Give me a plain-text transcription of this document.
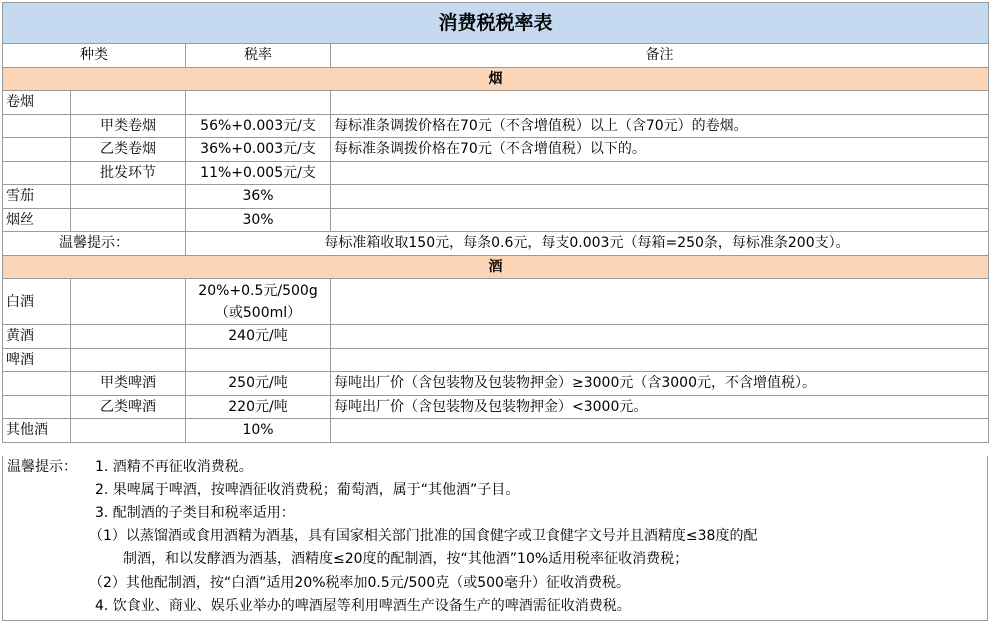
消费税税率表			
种类		税率	备注
烟			
卷烟			
	甲类卷烟	56%+0.003元/支	每标准条调拨价格在70元（不含增值税）以上（含70元）的卷烟。
	乙类卷烟	36%+0.003元/支	每标准条调拨价格在70元（不含增值税）以下的。
	批发环节	11%+0.005元/支	
雪茄		36%	
烟丝		30%	
温馨提示：		每标准箱收取150元，每条0.6元，每支0.003元（每箱=250条，每标准条200支）。	
酒			
白酒		20%+0.5元/500g
（或500ml）	

黄酒		240元/吨	
啤酒			
	甲类啤酒	250元/吨	每吨出厂价（含包装物及包装物押金）≥3000元（含3000元，不含增值税）。
	乙类啤酒	220元/吨	每吨出厂价（含包装物及包装物押金）<3000元。
其他酒		10%	
温馨提示： 1. 酒精不再征收消费税。
2. 果啤属于啤酒，按啤酒征收消费税；葡萄酒，属于“其他酒”子目。
3. 配制酒的子类目和税率适用：
（1）以蒸馏酒或食用酒精为酒基，具有国家相关部门批准的国食健字或卫食健字文号并且酒精度≤38度的配
制酒，和以发酵酒为酒基，酒精度≤20度的配制酒，按“其他酒”10%适用税率征收消费税；
（2）其他配制酒，按“白酒”适用20%税率加0.5元/500克（或500毫升）征收消费税。
4. 饮食业、商业、娱乐业举办的啤酒屋等利用啤酒生产设备生产的啤酒需征收消费税。
